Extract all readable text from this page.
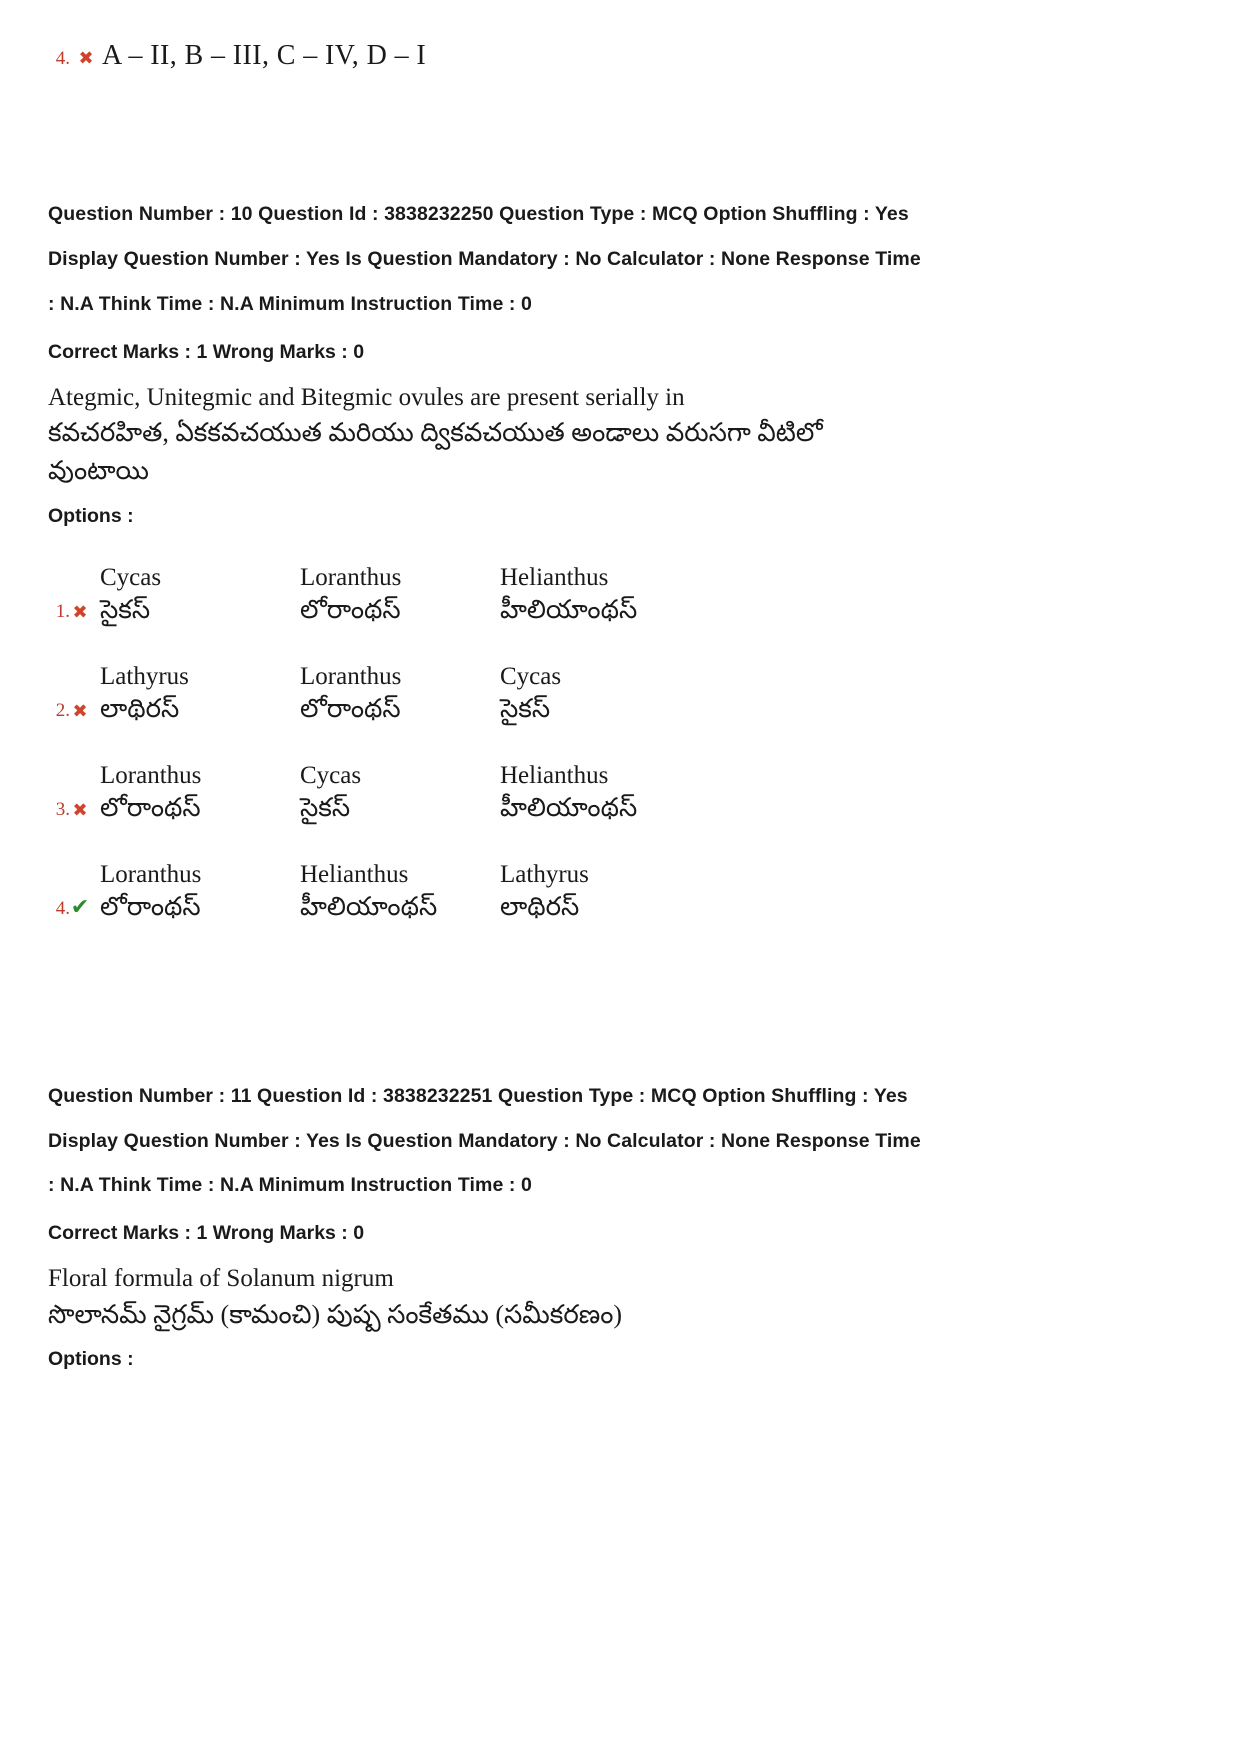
4. ✖ A – II, B – III, C – IV, D – I
Question Number : 10 Question Id : 3838232250 Question Type : MCQ Option Shuffling : Yes
Display Question Number : Yes Is Question Mandatory : No Calculator : None Response Time
: N.A Think Time : N.A Minimum Instruction Time : 0
Correct Marks : 1 Wrong Marks : 0
Ategmic, Unitegmic and Bitegmic ovules are present serially in
కవచరహిత, ఏకకవచయుత మరియు ద్వికవచయుత అండాలు వరుసగా వీటిలో
వుంటాయి
Options :
1. ✖
Cycas
సైకస్
Loranthus
లోరాంథస్
Helianthus
హీలియాంథస్
2. ✖
Lathyrus
లాథిరస్
Loranthus
లోరాంథస్
Cycas
సైకస్
3. ✖
Loranthus
లోరాంథస్
Cycas
సైకస్
Helianthus
హీలియాంథస్
4. ✔
Loranthus
లోరాంథస్
Helianthus
హీలియాంథస్
Lathyrus
లాథిరస్
Question Number : 11 Question Id : 3838232251 Question Type : MCQ Option Shuffling : Yes
Display Question Number : Yes Is Question Mandatory : No Calculator : None Response Time
: N.A Think Time : N.A Minimum Instruction Time : 0
Correct Marks : 1 Wrong Marks : 0
Floral formula of Solanum nigrum
సొలానమ్ నైగ్రమ్ (కామంచి) పుష్ప సంకేతము (సమీకరణం)
Options :
